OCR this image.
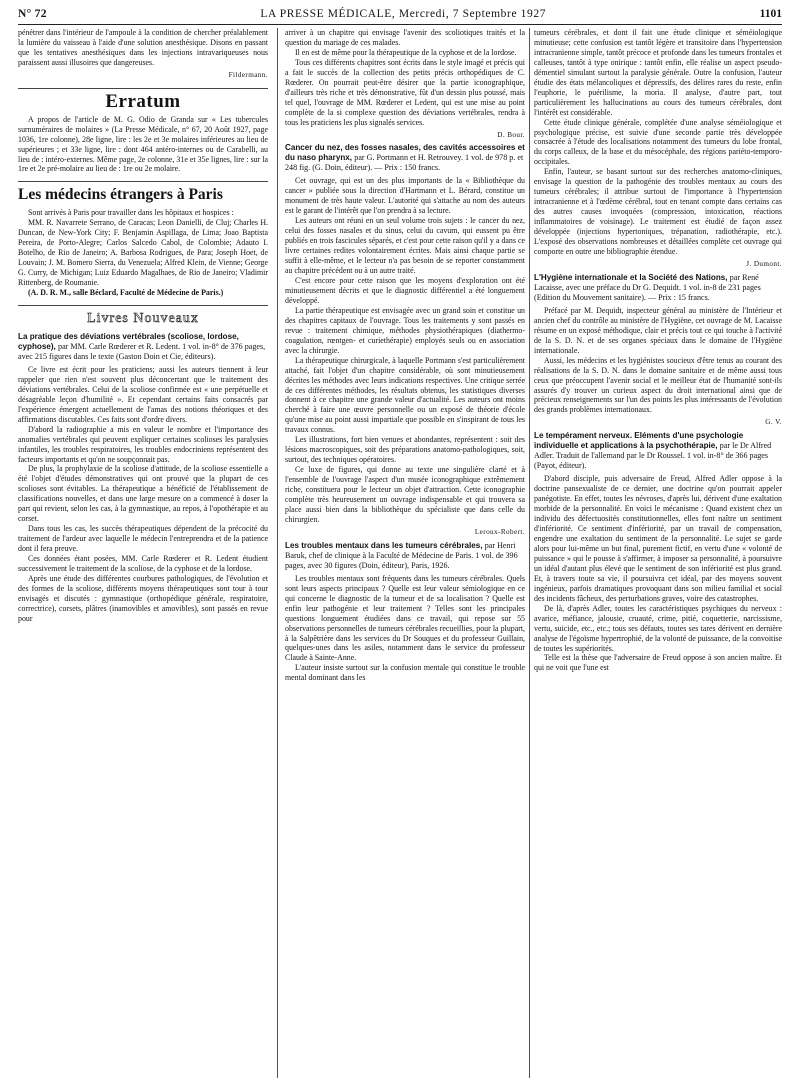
N° 72	LA PRESSE MÉDICALE, Mercredi, 7 Septembre 1927	1101

pénétrer dans l'intérieur de l'ampoule à la condition de chercher préalablement la lumière du vaisseau à l'aide d'une solution anesthésique. Disons en passant que les tentatives anesthésiques dans les injections intravariqueuses nous paraissent aussi illusoires que dangereuses.

Fildermann.
Erratum

A propos de l'article de M. G. Odio de Granda sur « Les tubercules surnuméraires de molaires » (La Presse Médicale, n° 67, 20 Août 1927, page 1036, 1re colonne), 28e ligne, lire : les 2e et 3e molaires inférieures au lieu de supérieures ; et 33e ligne, lire : dont 464 antéro-internes ou de Carabelli, au lieu de : intéro-externes. Même page, 2e colonne, 31e et 35e lignes, lire : sur la 1re et 2e pré-molaire au lieu de : 1re ou 2e molaire.

Les médecins étrangers à Paris

Sont arrivés à Paris pour travailler dans les hôpitaux et hospices :

MM. R. Navarrete Serrano, de Caracas; Leon Danielli, de Cluj; Charles H. Duncan, de New-York City; F. Benjamin Aspillaga, de Lima; Joao Baptista Pereira, de Porto-Alegre; Carlos Salcedo Cabol, de Colombie; Adauto I. Botelho, de Rio de Janeiro; A. Barbosa Rodrigues, de Para; Joseph Hoet, de Louvain; J. M. Bomero Sierra, du Venezuela; Alfred Klein, de Vienne; George G. Curry, de Michigan; Luiz Eduardo Magalhaes, de Rio de Janeiro; Vladimir Rittenberg, de Roumanie.

(A. D. R. M., salle Béclard, Faculté de Médecine de Paris.)

Livres Nouveaux
La pratique des déviations vertébrales (scoliose, lordose, cyphose), par MM. Carle Rœderer et R. Ledent. 1 vol. in-8° de 376 pages, avec 215 figures dans le texte (Gaston Doin et Cie, éditeurs).

Ce livre est écrit pour les praticiens; aussi les auteurs tiennent à leur rappeler que rien n'est souvent plus déconcertant que le traitement des déviations vertébrales. Celui de la scoliose confirmée est « une perpétuelle et désagréable leçon d'humilité ». Et cependant certains faits consacrés par l'expérience émergent actuellement de l'amas des notions théoriques et des affirmations discutables. Ces faits sont d'ordre divers.

D'abord la radiographie a mis en valeur le nombre et l'importance des anomalies vertébrales qui peuvent expliquer certaines scolioses les paralysies infantiles, les troubles respiratoires, les troubles endocriniens représentent des facteurs importants et qu'on ne soupçonnait pas.

De plus, la prophylaxie de la scoliose d'attitude, de la scoliose essentielle a été l'objet d'études démonstratives qui ont prouvé que la plupart de ces scolioses sont évitables. La thérapeutique a bénéficié de l'établissement de classifications nouvelles, et dans une large mesure on a commencé à doser la part qui revient, selon les cas, à la gymnastique, au repos, à l'opothérapie et au corset.

Dans tous les cas, les succès thérapeutiques dépendent de la précocité du traitement de l'ardeur avec laquelle le médecin l'entreprendra et de la patience dont il fera preuve.

Ces données étant posées, MM. Carle Rœderer et R. Ledent étudient successivement le traitement de la scoliose, de la cyphose et de la lordose.

Après une étude des différentes courbures pathologiques, de l'évolution et des formes de la scoliose, différents moyens thérapeutiques sont tour à tour envisagés et discutés : gymnastique (orthopédique générale, respiratoire, correctrice), corsets, plâtres (inamovibles et amovibles), sont passés en revue pour

arriver à un chapitre qui envisage l'avenir des scoliotiques traités et la question du mariage de ces malades.

Il en est de même pour la thérapeutique de la cyphose et de la lordose.

Tous ces différents chapitres sont écrits dans le style imagé et précis qui a fait le succès de la collection des petits précis orthopédiques de C. Rœderer. On pourrait peut-être désirer que la partie iconographique, d'ailleurs très riche et très démonstrative, fût d'un dessin plus poussé, mais tel quel, l'ouvrage de MM. Rœderer et Ledent, qui est une mise au point complète de la si complexe question des déviations vertébrales, rendra à tous les praticiens les plus signalés services.

D. Bour.
Cancer du nez, des fosses nasales, des cavités accessoires et du naso pharynx, par G. Portmann et H. Retrouvey. 1 vol. de 978 p. et 248 fig. (G. Doin, éditeur). — Prix : 150 francs.

Cet ouvrage, qui est un des plus importants de la « Bibliothèque du cancer » publiée sous la direction d'Hartmann et L. Bérard, constitue un monument de très haute valeur. L'autorité qui s'attache au nom des auteurs est le garant de l'intérêt que l'on prendra à sa lecture.

Les auteurs ont réuni en un seul volume trois sujets : le cancer du nez, celui des fosses nasales et du sinus, celui du cavum, qui eussent pu être publiés en trois fascicules séparés, et c'est pour cette raison qu'il y a dans ce livre certaines redites volontairement écrites. Mais ainsi chaque partie se suffit à elle-même, et le lecteur n'a pas besoin de se reporter constamment au chapitre précédent ou à un autre traité.

C'est encore pour cette raison que les moyens d'exploration ont été minutieusement décrits et que le diagnostic différentiel a été longuement développé.

La partie thérapeutique est envisagée avec un grand soin et constitue un des chapitres capitaux de l'ouvrage. Tous les traitements y sont passés en revue : traitement chimique, méthodes physiothérapiques (diathermo-coagulation, rœntgen- et curiethérapie) employés seuls ou en association avec la chirurgie.

La thérapeutique chirurgicale, à laquelle Portmann s'est particulièrement attaché, fait l'objet d'un chapitre considérable, où sont minutieusement décrites les méthodes avec leurs indications respectives. Une critique serrée de ces différentes méthodes, les résultats obtenus, les statistiques diverses donnent à ce chapitre une grande valeur d'actualité. Les auteurs ont moins cherché à faire une œuvre personnelle ou un exposé de théorie d'école qu'une mise au point aussi impartiale que possible en s'inspirant de tous les travaux connus.

Les illustrations, fort bien venues et abondantes, représentent : soit des lésions macroscopiques, soit des préparations anatomo-pathologiques, soit, surtout, des techniques opératoires.

Ce luxe de figures, qui donne au texte une singulière clarté et à l'ensemble de l'ouvrage l'aspect d'un musée iconographique extrêmement riche, constituera pour le lecteur un objet d'attraction. Cette iconographie complète très heureusement un ouvrage indispensable et qui trouvera sa place aussi bien dans la bibliothèque du spécialiste que dans celle du chirurgien.

Leroux-Robert.
Les troubles mentaux dans les tumeurs cérébrales, par Henri Baruk, chef de clinique à la Faculté de Médecine de Paris. 1 vol. de 396 pages, avec 30 figures (Doin, éditeur), Paris, 1926.

Les troubles mentaux sont fréquents dans les tumeurs cérébrales. Quels sont leurs aspects principaux ? Quelle est leur valeur sémiologique en ce qui concerne le diagnostic de la tumeur et de sa localisation ? Quelle est enfin leur pathogénie et leur traitement ? Telles sont les principales questions longuement étudiées dans ce travail, qui repose sur 55 observations personnelles de tumeurs cérébrales recueillies, pour la plupart, à la Salpêtrière dans les services du Dr Souques et du professeur Guillain, quelques-unes dans les asiles, notamment dans le service du professeur Claude à Sainte-Anne.

L'auteur insiste surtout sur la confusion mentale qui constitue le trouble mental dominant dans les

tumeurs cérébrales, et dont il fait une étude clinique et séméiologique minutieuse; cette confusion est tantôt légère et transitoire dans l'hypertension intracranienne simple, tantôt précoce et profonde dans les tumeurs frontales et calleuses, tantôt à type onirique : tantôt enfin, elle réalise un aspect pseudo-démentiel simulant surtout la paralysie générale. Outre la confusion, l'auteur étudie des états mélancoliques et dépressifs, des délires rares du reste, enfin l'euphorie, le puérilisme, la moria. Il analyse, d'autre part, tout particulièrement les hallucinations au cours des tumeurs cérébrales, dont l'intérêt est considérable.

Cette étude clinique générale, complétée d'une analyse séméiologique et psychologique précise, est suivie d'une seconde partie très développée consacrée à l'étude des localisations notamment des tumeurs du lobe frontal, du corps calleux, de la base et du mésocéphale, des régions pariéto-temporo-occipitales.

Enfin, l'auteur, se basant surtout sur des recherches anatomo-cliniques, envisage la question de la pathogénie des troubles mentaux au cours des tumeurs cérébrales; il attribue surtout de l'importance à l'hypertension intracranienne et à l'œdème cérébral, tout en tenant compte dans certains cas des autres causes invoquées (compression, intoxication, réactions inflammatoires de voisinage). Le traitement est étudié de façon assez développée (injections hypertoniques, trépanation, radiothérapie, etc.). L'exposé des observations nombreuses et détaillées complète cet ouvrage qui comporte en outre une bibliographie étendue.

J. Dumont.
L'Hygiène internationale et la Société des Nations, par René Lacaisse, avec une préface du Dr G. Dequidt. 1 vol. in-8 de 231 pages (Edition du Mouvement sanitaire). — Prix : 15 francs.

Préfacé par M. Dequidt, inspecteur général au ministère de l'Intérieur et ancien chef du contrôle au ministère de l'Hygiène, cet ouvrage de M. Lacaisse résume en un exposé méthodique, clair et précis tout ce qui touche à l'activité de la S. D. N. et de ses organes spéciaux dans le domaine de l'Hygiène internationale.

Aussi, les médecins et les hygiénistes soucieux d'être tenus au courant des réalisations de la S. D. N. dans le domaine sanitaire et de même aussi tous ceux que préoccupent l'avenir social et le meilleur état de l'humanité sont-ils assurés d'y trouver un curieux aspect du droit international ainsi que de précieux renseignements sur l'un des points les plus intéressants de l'évolution des grands problèmes internationaux.

G. V.
Le tempérament nerveux. Eléments d'une psychologie individuelle et applications à la psychothérapie, par le Dr Alfred Adler. Traduit de l'allemand par le Dr Roussel. 1 vol. in-8° de 366 pages (Payot, éditeur).

D'abord disciple, puis adversaire de Freud, Alfred Adler oppose à la doctrine pansexualiste de ce dernier, une doctrine qu'on pourrait appeler panégotiste. En effet, toutes les névroses, d'après lui, dérivent d'une exaltation morbide de la personnalité. En voici le mécanisme : Quand existent chez un individu des défectuosités constitutionnelles, elles font naître un sentiment d'infériorité. Ce sentiment d'infériorité, par un travail de compensation, engendre une exaltation du sentiment de la personnalité. Le sujet se garde alors pour lui-même un but final, purement fictif, en vertu d'une « volonté de puissance » qui le pousse à s'affirmer, à imposer sa personnalité, à poursuivre un idéal d'autant plus élevé que le sentiment de son infériorité est plus grand. Et, à travers toute sa vie, il poursuivra cet idéal, par des moyens souvent ingénieux, parfois dramatiques provoquant dans son milieu familial et social des incidents fâcheux, des perturbations graves, voire des catastrophes.

De là, d'après Adler, toutes les caractéristiques psychiques du nerveux : avarice, méfiance, jalousie, cruauté, crime, pitié, coquetterie, narcissisme, vertu, suicide, etc., etc.; tous ses défauts, toutes ses tares dérivent en dernière analyse de l'égoïsme hypertrophié, de la volonté de puissance, de la convoitise de toutes les supériorités.

Telle est la thèse que l'adversaire de Freud oppose à son ancien maître. Et qui ne voit que l'une est
